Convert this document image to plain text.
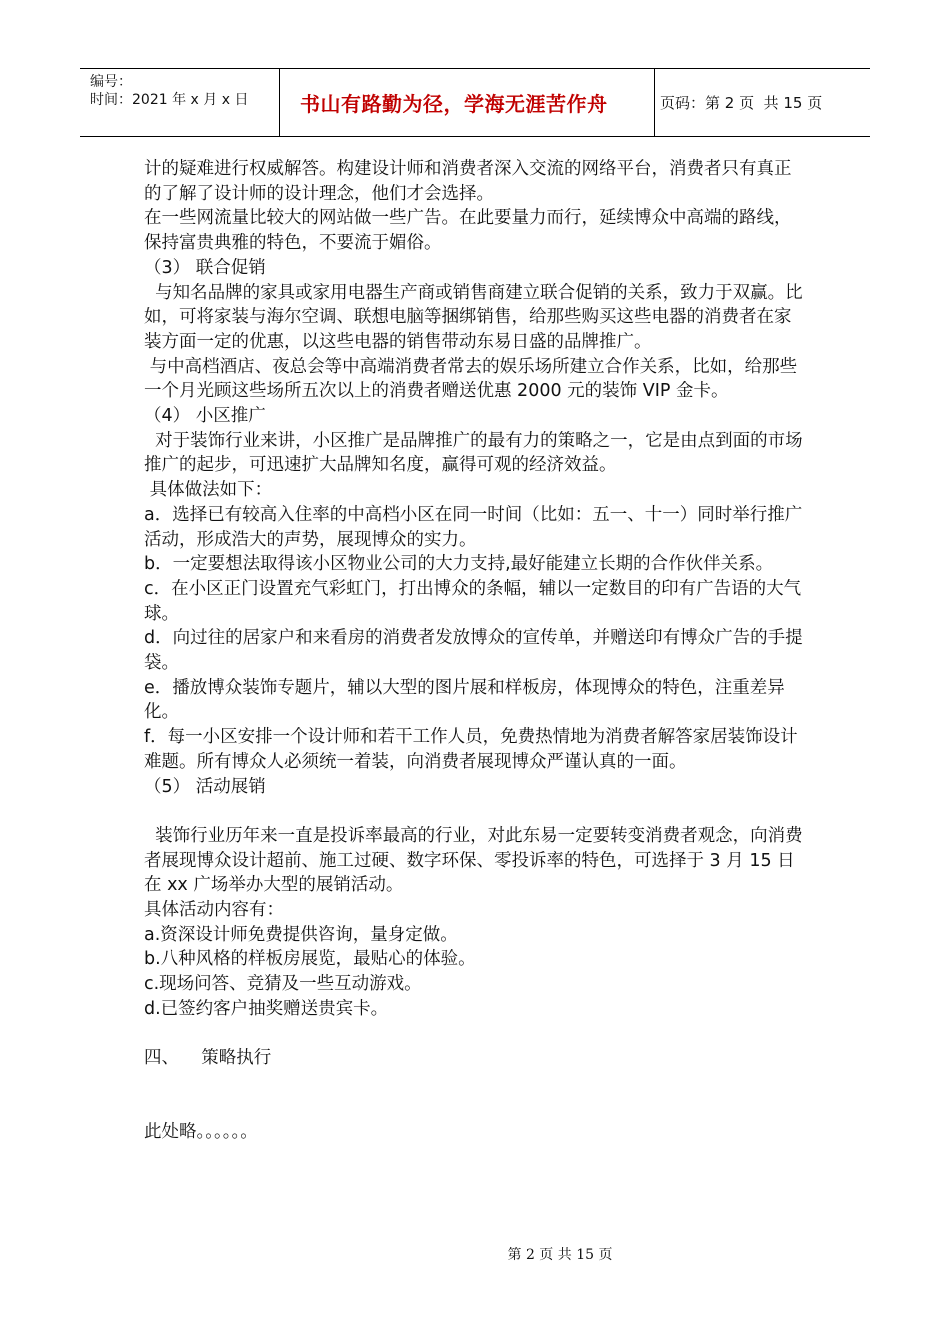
编号：
时间：2021 年 x 月 x 日	书山有路勤为径，学海无涯苦作舟	页码：第 2 页  共 15 页

计的疑难进行权威解答。构建设计师和消费者深入交流的网络平台，消费者只有真正的了解了设计师的设计理念，他们才会选择。

在一些网流量比较大的网站做一些广告。在此要量力而行，延续博众中高端的路线，保持富贵典雅的特色，不要流于媚俗。

（3） 联合促销

与知名品牌的家具或家用电器生产商或销售商建立联合促销的关系，致力于双赢。比如，可将家装与海尔空调、联想电脑等捆绑销售，给那些购买这些电器的消费者在家装方面一定的优惠，以这些电器的销售带动东易日盛的品牌推广。

与中高档酒店、夜总会等中高端消费者常去的娱乐场所建立合作关系，比如，给那些一个月光顾这些场所五次以上的消费者赠送优惠 2000 元的装饰 VIP 金卡。

（4） 小区推广

对于装饰行业来讲，小区推广是品牌推广的最有力的策略之一，它是由点到面的市场推广的起步，可迅速扩大品牌知名度，赢得可观的经济效益。

具体做法如下：

a．选择已有较高入住率的中高档小区在同一时间（比如：五一、十一）同时举行推广活动，形成浩大的声势，展现博众的实力。

b．一定要想法取得该小区物业公司的大力支持,最好能建立长期的合作伙伴关系。

c．在小区正门设置充气彩虹门，打出博众的条幅，辅以一定数目的印有广告语的大气球。

d．向过往的居家户和来看房的消费者发放博众的宣传单，并赠送印有博众广告的手提袋。

e．播放博众装饰专题片，辅以大型的图片展和样板房，体现博众的特色，注重差异化。

f．每一小区安排一个设计师和若干工作人员，免费热情地为消费者解答家居装饰设计难题。所有博众人必须统一着装，向消费者展现博众严谨认真的一面。

（5） 活动展销

装饰行业历年来一直是投诉率最高的行业，对此东易一定要转变消费者观念，向消费者展现博众设计超前、施工过硬、数字环保、零投诉率的特色，可选择于 3 月 15 日在 xx 广场举办大型的展销活动。

具体活动内容有：

a.资深设计师免费提供咨询，量身定做。

b.八种风格的样板房展览，最贴心的体验。

c.现场问答、竞猜及一些互动游戏。

d.已签约客户抽奖赠送贵宾卡。

四、    策略执行

此处略。。。。。。

第 2 页 共 15 页
